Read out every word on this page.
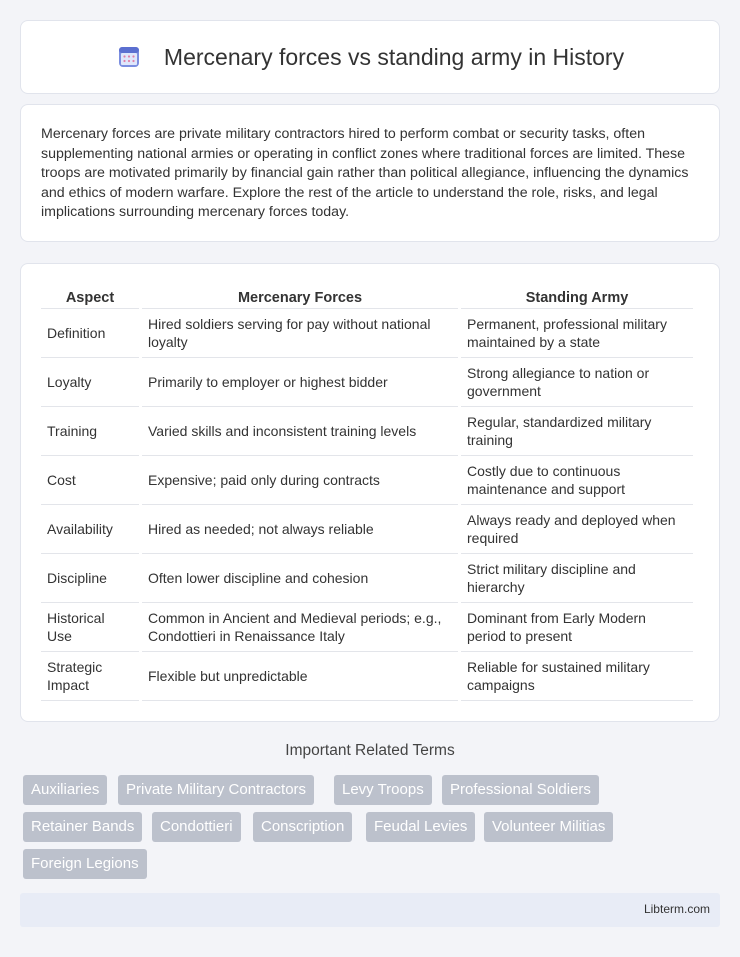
Mercenary forces vs standing army in History

Mercenary forces are private military contractors hired to perform combat or security tasks, often supplementing national armies or operating in conflict zones where traditional forces are limited. These troops are motivated primarily by financial gain rather than political allegiance, influencing the dynamics and ethics of modern warfare. Explore the rest of the article to understand the role, risks, and legal implications surrounding mercenary forces today.

Aspect	Mercenary Forces	Standing Army
Definition	Hired soldiers serving for pay without national loyalty	Permanent, professional military maintained by a state
Loyalty	Primarily to employer or highest bidder	Strong allegiance to nation or government
Training	Varied skills and inconsistent training levels	Regular, standardized military training
Cost	Expensive; paid only during contracts	Costly due to continuous maintenance and support
Availability	Hired as needed; not always reliable	Always ready and deployed when required
Discipline	Often lower discipline and cohesion	Strict military discipline and hierarchy
Historical Use	Common in Ancient and Medieval periods; e.g., Condottieri in Renaissance Italy	Dominant from Early Modern period to present
Strategic Impact	Flexible but unpredictable	Reliable for sustained military campaigns
Important Related Terms
Auxiliaries	Private Military Contractors	Levy Troops	Professional Soldiers
Retainer Bands	Condottieri	Conscription	Feudal Levies	Volunteer Militias
Foreign Legions
Libterm.com
